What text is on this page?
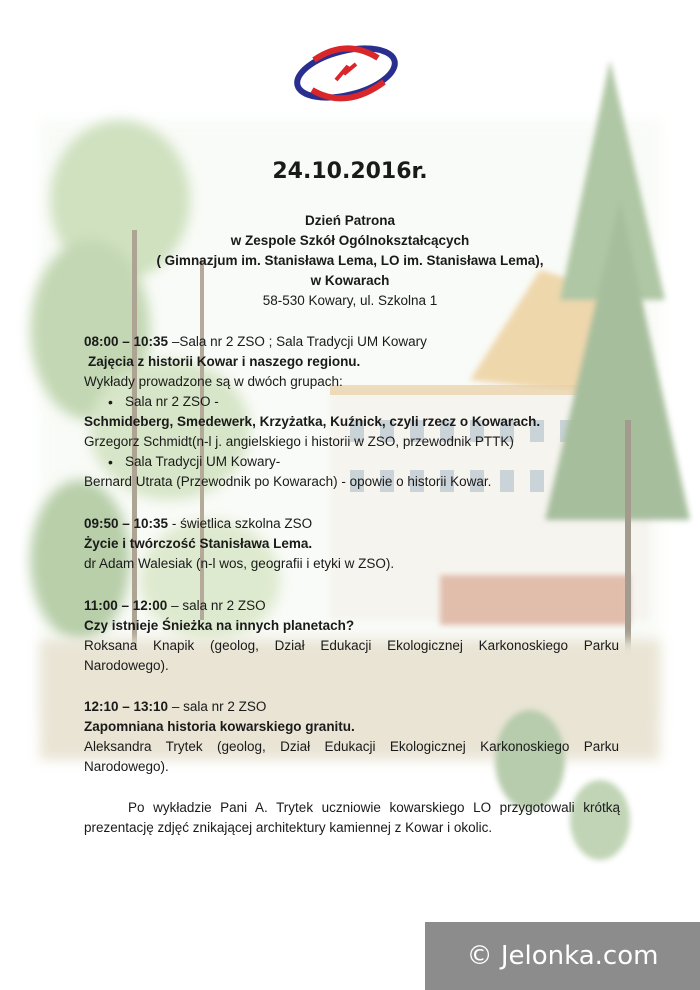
24.10.2016r.
Dzień Patrona
w Zespole Szkół Ogólnokształcących
( Gimnazjum im. Stanisława Lema, LO im. Stanisława Lema),
w Kowarach
58-530 Kowary, ul. Szkolna 1
08:00 – 10:35 –Sala nr 2 ZSO ; Sala Tradycji UM Kowary
Zajęcia z historii Kowar i naszego regionu.
Wykłady prowadzone są w dwóch grupach:
• Sala nr 2 ZSO -
Schmideberg, Smedewerk, Krzyżatka, Kuźnick, czyli rzecz o Kowarach.
Grzegorz Schmidt(n-l j. angielskiego i historii w ZSO, przewodnik PTTK)
• Sala Tradycji UM Kowary-
Bernard Utrata (Przewodnik po Kowarach) - opowie o historii Kowar.
09:50 – 10:35 - świetlica szkolna ZSO
Życie i twórczość Stanisława Lema.
dr Adam Walesiak (n-l wos, geografii i etyki w ZSO).
11:00 – 12:00 – sala nr 2 ZSO
Czy istnieje Śnieżka na innych planetach?
Roksana Knapik (geolog, Dział Edukacji Ekologicznej Karkonoskiego Parku Narodowego).
12:10 – 13:10 – sala nr 2 ZSO
Zapomniana historia kowarskiego granitu.
Aleksandra Trytek (geolog, Dział Edukacji Ekologicznej Karkonoskiego Parku Narodowego).
Po wykładzie Pani A. Trytek uczniowie kowarskiego LO przygotowali krótką prezentację zdjęć znikającej architektury kamiennej z Kowar i okolic.
© Jelonka.com
